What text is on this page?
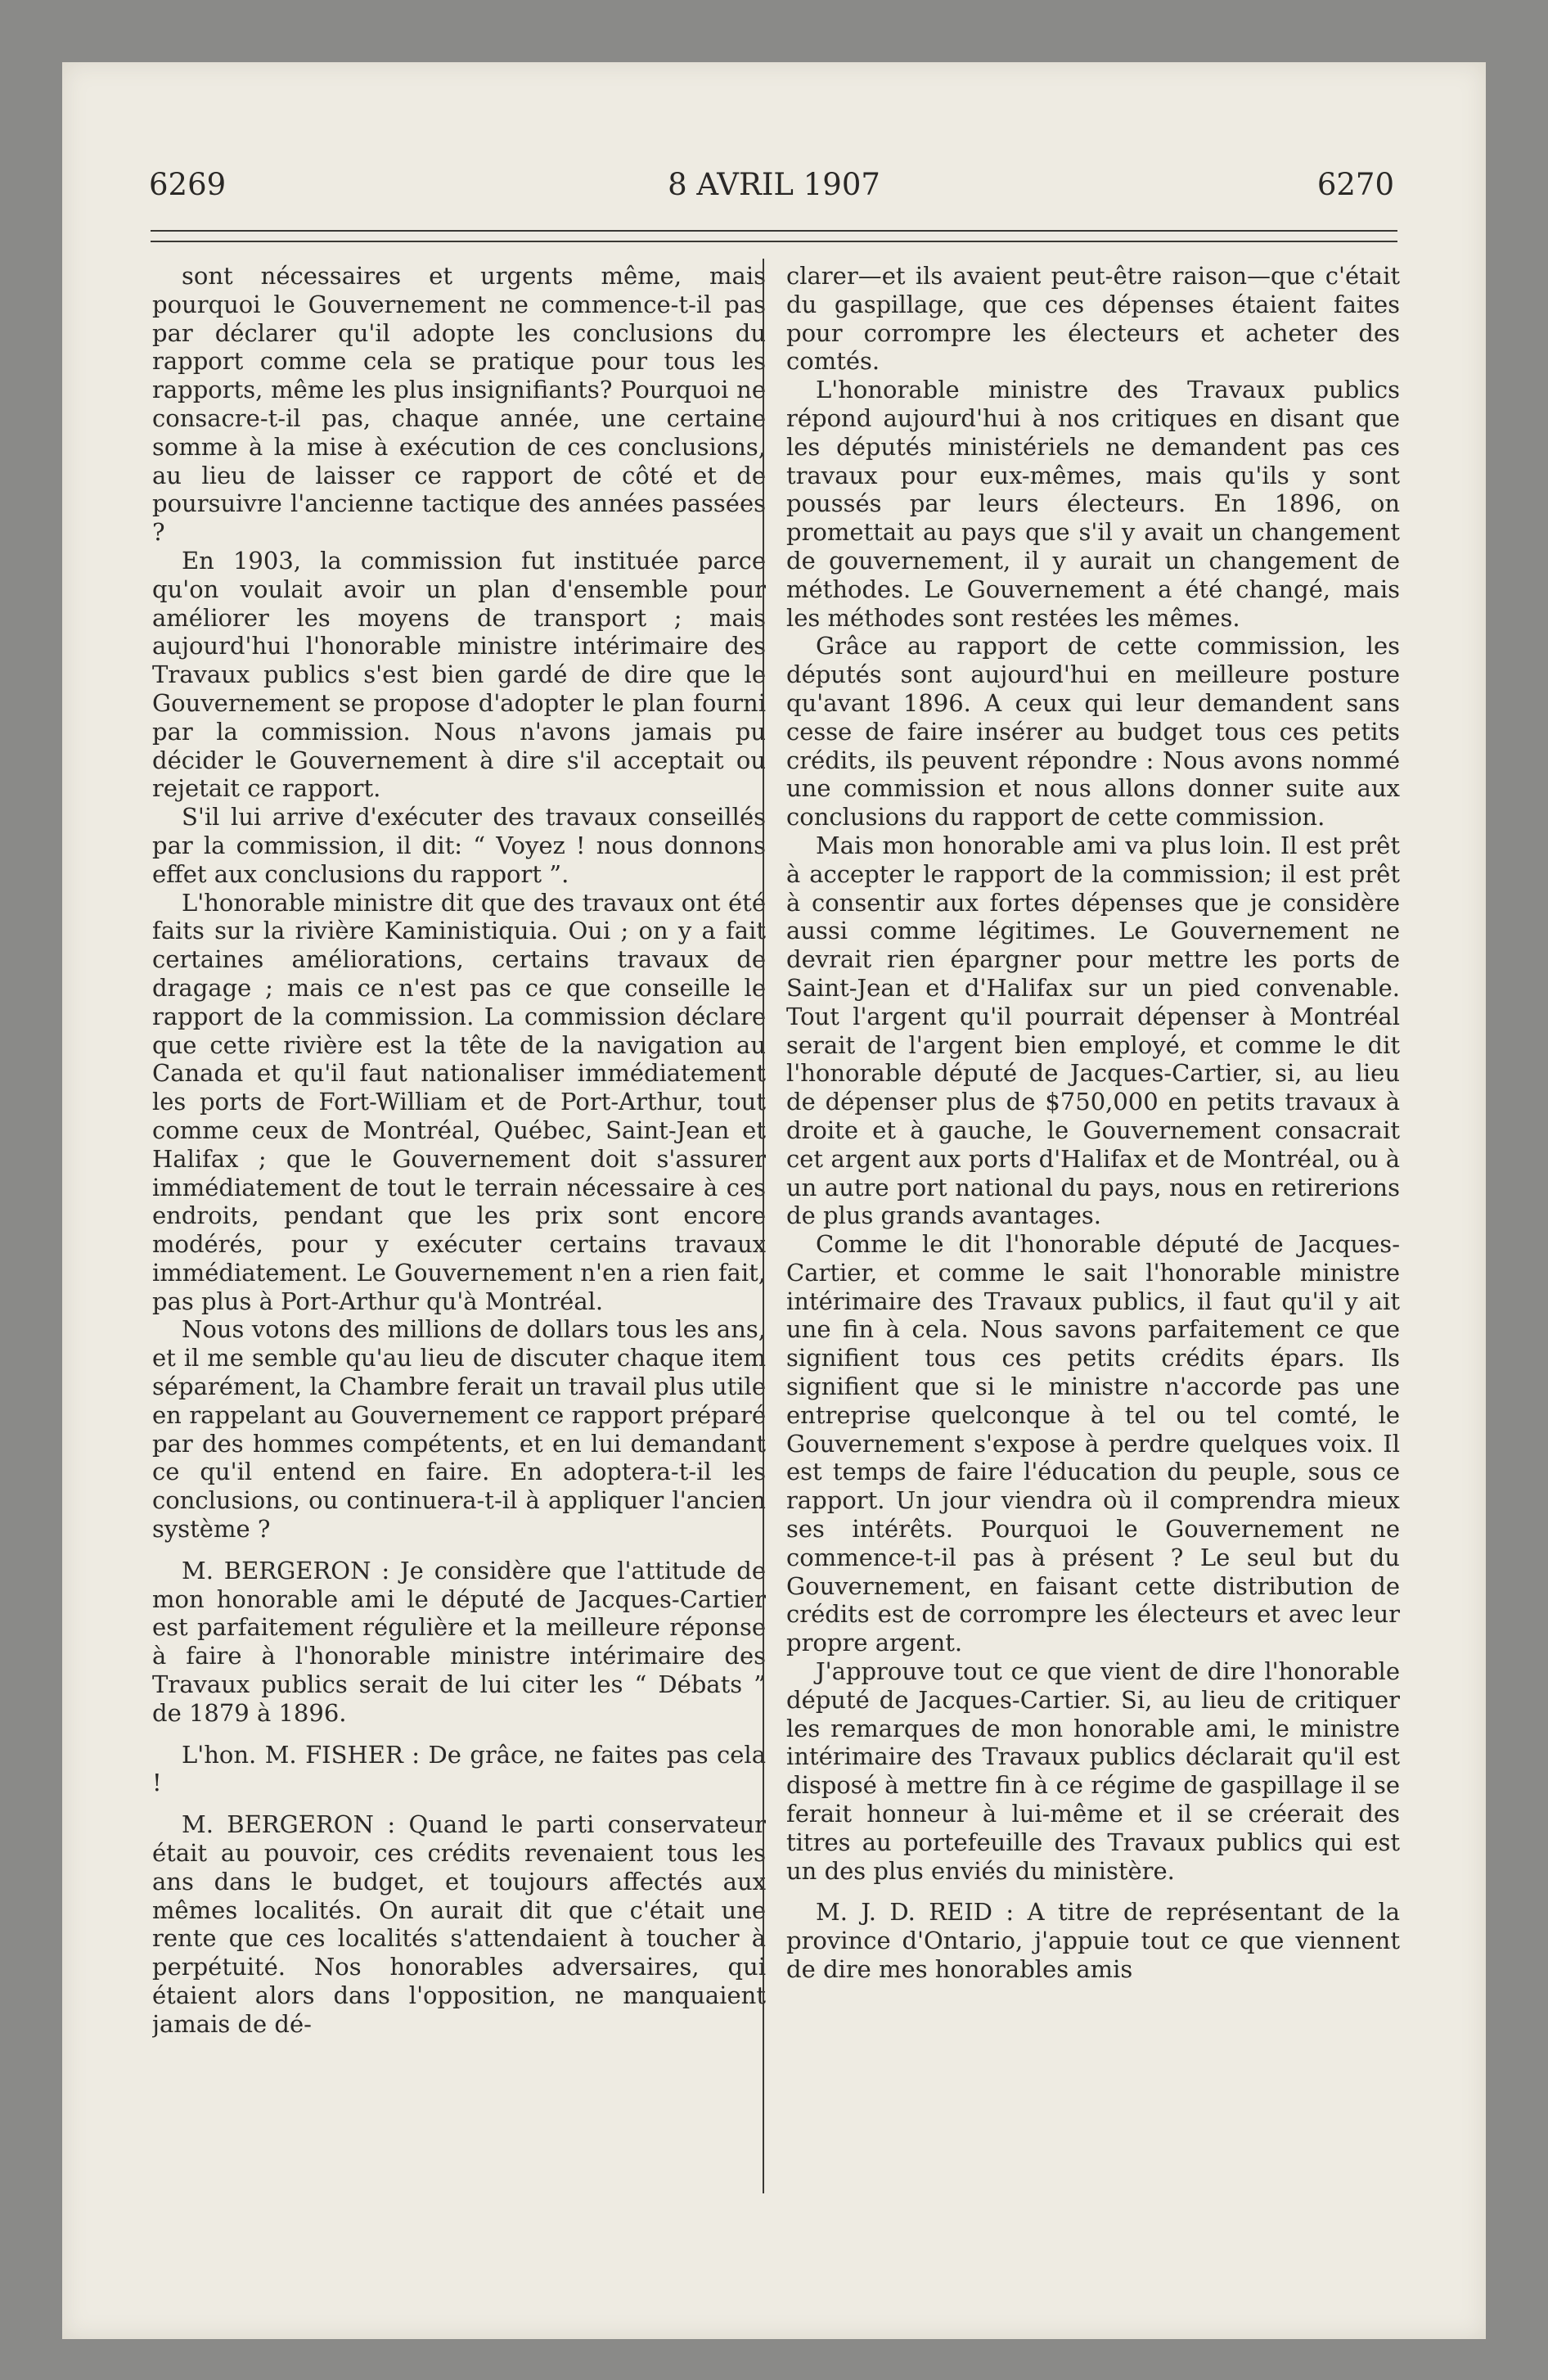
6269	8 AVRIL 1907	6270

sont nécessaires et urgents même, mais pourquoi le Gouvernement ne commence-t-il pas par déclarer qu'il adopte les conclusions du rapport comme cela se pratique pour tous les rapports, même les plus insignifiants? Pourquoi ne consacre-t-il pas, chaque année, une certaine somme à la mise à exécution de ces conclusions, au lieu de laisser ce rapport de côté et de poursuivre l'ancienne tactique des années passées ?

En 1903, la commission fut instituée parce qu'on voulait avoir un plan d'ensemble pour améliorer les moyens de transport ; mais aujourd'hui l'honorable ministre intérimaire des Travaux publics s'est bien gardé de dire que le Gouvernement se propose d'adopter le plan fourni par la commission. Nous n'avons jamais pu décider le Gouvernement à dire s'il acceptait ou rejetait ce rapport.

S'il lui arrive d'exécuter des travaux conseillés par la commission, il dit: “ Voyez ! nous donnons effet aux conclusions du rapport ”.

L'honorable ministre dit que des travaux ont été faits sur la rivière Kaministiquia. Oui ; on y a fait certaines améliorations, certains travaux de dragage ; mais ce n'est pas ce que conseille le rapport de la commission. La commission déclare que cette rivière est la tête de la navigation au Canada et qu'il faut nationaliser immédiatement les ports de Fort-William et de Port-Arthur, tout comme ceux de Montréal, Québec, Saint-Jean et Halifax ; que le Gouvernement doit s'assurer immédiatement de tout le terrain nécessaire à ces endroits, pendant que les prix sont encore modérés, pour y exécuter certains travaux immédiatement. Le Gouvernement n'en a rien fait, pas plus à Port-Arthur qu'à Montréal.

Nous votons des millions de dollars tous les ans, et il me semble qu'au lieu de discuter chaque item séparément, la Chambre ferait un travail plus utile en rappelant au Gouvernement ce rapport préparé par des hommes compétents, et en lui demandant ce qu'il entend en faire. En adoptera-t-il les conclusions, ou continuera-t-il à appliquer l'ancien système ?

M. BERGERON : Je considère que l'attitude de mon honorable ami le député de Jacques-Cartier est parfaitement régulière et la meilleure réponse à faire à l'honorable ministre intérimaire des Travaux publics serait de lui citer les “ Débats ” de 1879 à 1896.

L'hon. M. FISHER : De grâce, ne faites pas cela !

M. BERGERON : Quand le parti conservateur était au pouvoir, ces crédits revenaient tous les ans dans le budget, et toujours affectés aux mêmes localités. On aurait dit que c'était une rente que ces localités s'attendaient à toucher à perpétuité. Nos honorables adversaires, qui étaient alors dans l'opposition, ne manquaient jamais de dé-

clarer—et ils avaient peut-être raison—que c'était du gaspillage, que ces dépenses étaient faites pour corrompre les électeurs et acheter des comtés.

L'honorable ministre des Travaux publics répond aujourd'hui à nos critiques en disant que les députés ministériels ne demandent pas ces travaux pour eux-mêmes, mais qu'ils y sont poussés par leurs électeurs. En 1896, on promettait au pays que s'il y avait un changement de gouvernement, il y aurait un changement de méthodes. Le Gouvernement a été changé, mais les méthodes sont restées les mêmes.

Grâce au rapport de cette commission, les députés sont aujourd'hui en meilleure posture qu'avant 1896. A ceux qui leur demandent sans cesse de faire insérer au budget tous ces petits crédits, ils peuvent répondre : Nous avons nommé une commission et nous allons donner suite aux conclusions du rapport de cette commission.

Mais mon honorable ami va plus loin. Il est prêt à accepter le rapport de la commission; il est prêt à consentir aux fortes dépenses que je considère aussi comme légitimes. Le Gouvernement ne devrait rien épargner pour mettre les ports de Saint-Jean et d'Halifax sur un pied convenable. Tout l'argent qu'il pourrait dépenser à Montréal serait de l'argent bien employé, et comme le dit l'honorable député de Jacques-Cartier, si, au lieu de dépenser plus de $750,000 en petits travaux à droite et à gauche, le Gouvernement consacrait cet argent aux ports d'Halifax et de Montréal, ou à un autre port national du pays, nous en retirerions de plus grands avantages.

Comme le dit l'honorable député de Jacques-Cartier, et comme le sait l'honorable ministre intérimaire des Travaux publics, il faut qu'il y ait une fin à cela. Nous savons parfaitement ce que signifient tous ces petits crédits épars. Ils signifient que si le ministre n'accorde pas une entreprise quelconque à tel ou tel comté, le Gouvernement s'expose à perdre quelques voix. Il est temps de faire l'éducation du peuple, sous ce rapport. Un jour viendra où il comprendra mieux ses intérêts. Pourquoi le Gouvernement ne commence-t-il pas à présent ? Le seul but du Gouvernement, en faisant cette distribution de crédits est de corrompre les électeurs et avec leur propre argent.

J'approuve tout ce que vient de dire l'honorable député de Jacques-Cartier. Si, au lieu de critiquer les remarques de mon honorable ami, le ministre intérimaire des Travaux publics déclarait qu'il est disposé à mettre fin à ce régime de gaspillage il se ferait honneur à lui-même et il se créerait des titres au portefeuille des Travaux publics qui est un des plus enviés du ministère.

M. J. D. REID : A titre de représentant de la province d'Ontario, j'appuie tout ce que viennent de dire mes honorables amis
